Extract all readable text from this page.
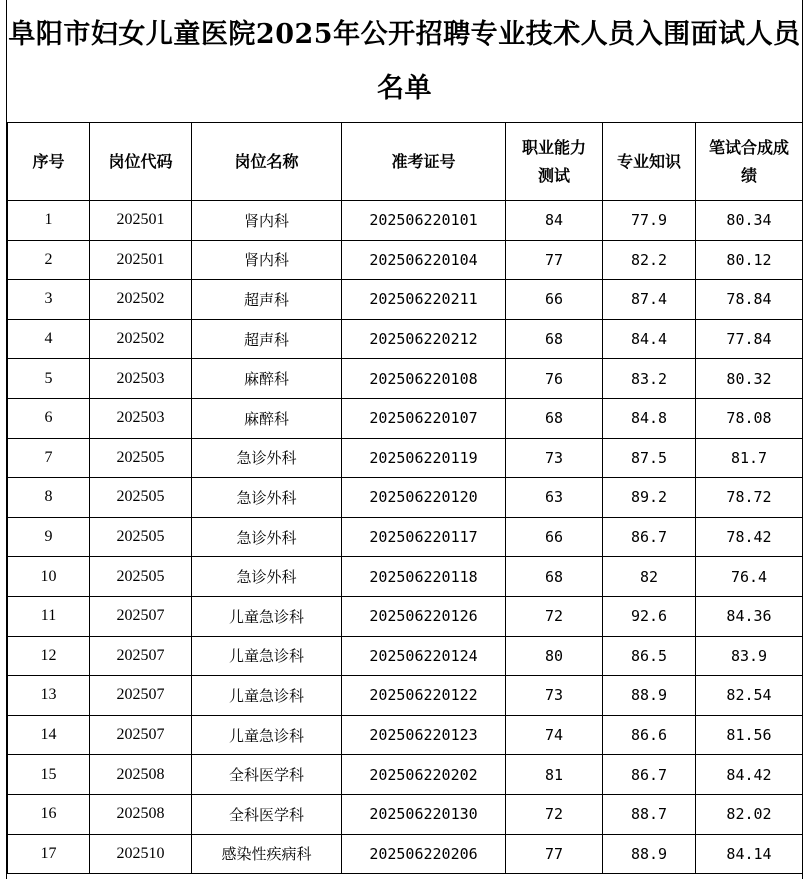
阜阳市妇女儿童医院2025年公开招聘专业技术人员入围面试人员名单
序号	岗位代码	岗位名称	准考证号	职业能力测试	专业知识	笔试合成成绩
1	202501	肾内科	202506220101	84	77.9	80.34
2	202501	肾内科	202506220104	77	82.2	80.12
3	202502	超声科	202506220211	66	87.4	78.84
4	202502	超声科	202506220212	68	84.4	77.84
5	202503	麻醉科	202506220108	76	83.2	80.32
6	202503	麻醉科	202506220107	68	84.8	78.08
7	202505	急诊外科	202506220119	73	87.5	81.7
8	202505	急诊外科	202506220120	63	89.2	78.72
9	202505	急诊外科	202506220117	66	86.7	78.42
10	202505	急诊外科	202506220118	68	82	76.4
11	202507	儿童急诊科	202506220126	72	92.6	84.36
12	202507	儿童急诊科	202506220124	80	86.5	83.9
13	202507	儿童急诊科	202506220122	73	88.9	82.54
14	202507	儿童急诊科	202506220123	74	86.6	81.56
15	202508	全科医学科	202506220202	81	86.7	84.42
16	202508	全科医学科	202506220130	72	88.7	82.02
17	202510	感染性疾病科	202506220206	77	88.9	84.14
